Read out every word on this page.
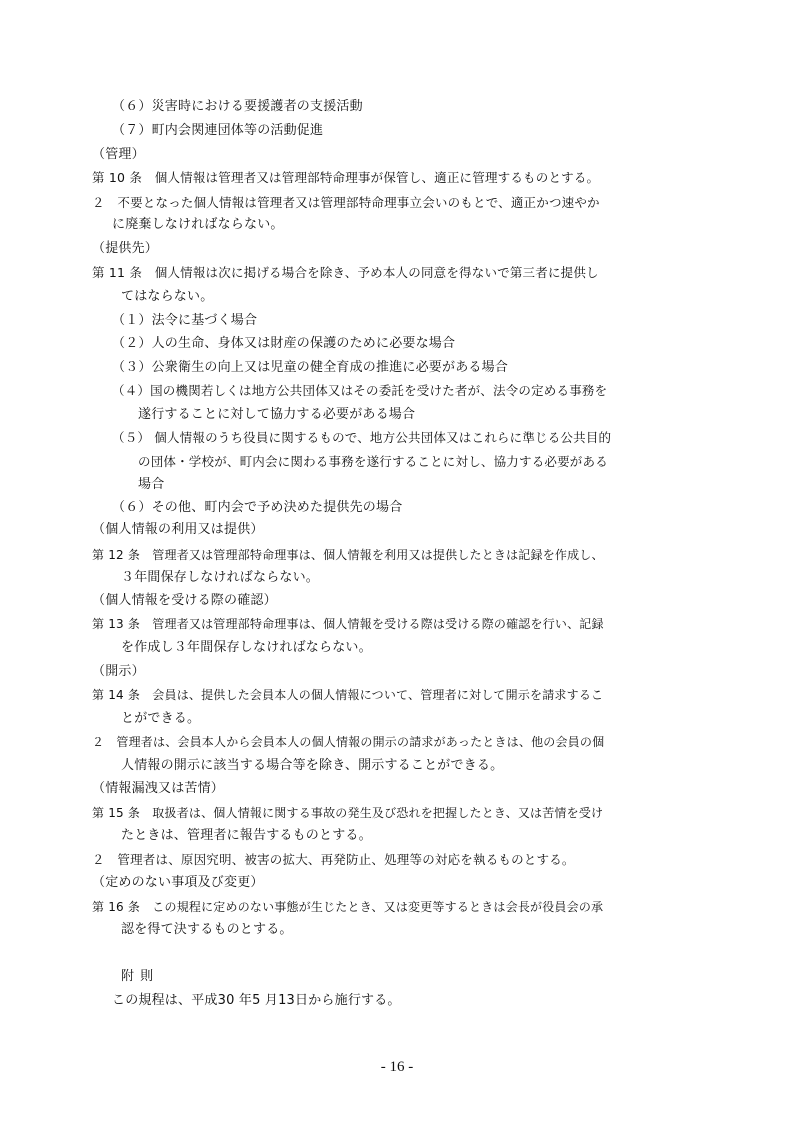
（６）災害時における要援護者の支援活動
（７）町内会関連団体等の活動促進
（管理）
第 10 条　個人情報は管理者又は管理部特命理事が保管し、適正に管理するものとする。
２　不要となった個人情報は管理者又は管理部特命理事立会いのもとで、適正かつ速やか
に廃棄しなければならない。
（提供先）
第 11 条　個人情報は次に掲げる場合を除き、予め本人の同意を得ないで第三者に提供し
てはならない。
（１）法令に基づく場合
（２）人の生命、身体又は財産の保護のために必要な場合
（３）公衆衛生の向上又は児童の健全育成の推進に必要がある場合
（４）国の機関若しくは地方公共団体又はその委託を受けた者が、法令の定める事務を
遂行することに対して協力する必要がある場合
（５） 個人情報のうち役員に関するもので、地方公共団体又はこれらに準じる公共目的
の団体・学校が、町内会に関わる事務を遂行することに対し、協力する必要がある
場合
（６）その他、町内会で予め決めた提供先の場合
（個人情報の利用又は提供）
第 12 条　管理者又は管理部特命理事は、個人情報を利用又は提供したときは記録を作成し、
３年間保存しなければならない。
（個人情報を受ける際の確認）
第 13 条　管理者又は管理部特命理事は、個人情報を受ける際は受ける際の確認を行い、記録
を作成し３年間保存しなければならない。
（開示）
第 14 条　会員は、提供した会員本人の個人情報について、管理者に対して開示を請求するこ
とができる。
２　管理者は、会員本人から会員本人の個人情報の開示の請求があったときは、他の会員の個
人情報の開示に該当する場合等を除き、開示することができる。
（情報漏洩又は苦情）
第 15 条　取扱者は、個人情報に関する事故の発生及び恐れを把握したとき、又は苦情を受け
たときは、管理者に報告するものとする。
２　管理者は、原因究明、被害の拡大、再発防止、処理等の対応を執るものとする。
（定めのない事項及び変更）
第 16 条　この規程に定めのない事態が生じたとき、又は変更等するときは会長が役員会の承
認を得て決するものとする。
附 則
この規程は、平成30 年5 月13日から施行する。
- 16 -
